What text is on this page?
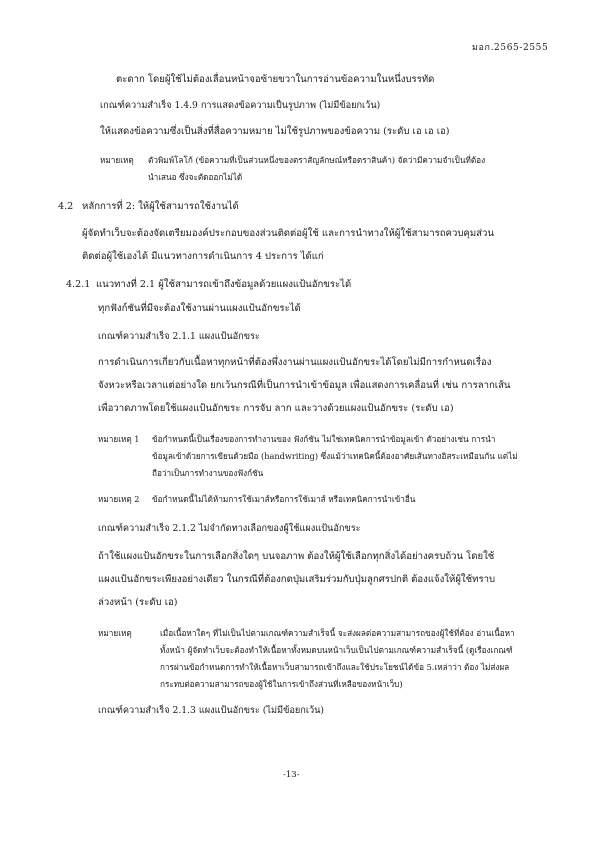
มอก.2565-2555
ตะดาก โดยผู้ใช้ไม่ต้องเลื่อนหน้าจอซ้ายขวาในการอ่านข้อความในหนึ่งบรรทัด
เกณฑ์ความสำเร็จ 1.4.9 การแสดงข้อความเป็นรูปภาพ (ไม่มีข้อยกเว้น)
ให้แสดงข้อความซึ่งเป็นสิ่งที่สื่อความหมาย ไม่ใช้รูปภาพของข้อความ (ระดับ เอ เอ เอ)
หมายเหตุ ตัวพิมพ์โลโก้ (ข้อความที่เป็นส่วนหนึ่งของตราสัญลักษณ์หรือตราสินค้า) จัดว่ามีความจำเป็นที่ต้อง
นำเสนอ ซึ่งจะตัดออกไม่ได้
4.2 หลักการที่ 2: ให้ผู้ใช้สามารถใช้งานได้
ผู้จัดทำเว็บจะต้องจัดเตรียมองค์ประกอบของส่วนติดต่อผู้ใช้ และการนำทางให้ผู้ใช้สามารถควบคุมส่วน
ติดต่อผู้ใช้เองได้ มีแนวทางการดำเนินการ 4 ประการ ได้แก่
4.2.1 แนวทางที่ 2.1 ผู้ใช้สามารถเข้าถึงข้อมูลด้วยแผงแป้นอักขระได้
ทุกฟังก์ชันที่มีจะต้องใช้งานผ่านแผงแป้นอักขระได้
เกณฑ์ความสำเร็จ 2.1.1 แผงแป้นอักขระ
การดำเนินการเกี่ยวกับเนื้อหาทุกหน้าที่ต้องพึ่งงานผ่านแผงแป้นอักขระได้โดยไม่มีการกำหนดเรื่อง
จังหวะหรือเวลาแต่อย่างใด ยกเว้นกรณีที่เป็นการนำเข้าข้อมูล เพื่อแสดงการเคลื่อนที่ เช่น การลากเส้น
เพื่อวาดภาพโดยใช้แผงแป้นอักขระ การจับ ลาก และวางด้วยแผงแป้นอักขระ (ระดับ เอ)
หมายเหตุ 1 ข้อกำหนดนี้เป็นเรื่องของการทำงานของ ฟังก์ชัน ไม่ใช่เทคนิคการนำข้อมูลเข้า ตัวอย่างเช่น การนำ
ข้อมูลเข้าด้วยการเขียนด้วยมือ (handwriting) ซึ่งแม้ว่าเทคนิคนี้ต้องอาศัยเส้นทางอิสระเหมือนกัน แต่ไม่
ถือว่าเป็นการทำงานของฟังก์ชัน
หมายเหตุ 2 ข้อกำหนดนี้ไม่ได้ห้ามการใช้เมาส์หรือการใช้เมาส์ หรือเทคนิคการนำเข้าอื่น
เกณฑ์ความสำเร็จ 2.1.2 ไม่จำกัดทางเลือกของผู้ใช้แผงแป้นอักขระ
ถ้าใช้แผงแป้นอักขระในการเลือกสิ่งใดๆ บนจอภาพ ต้องให้ผู้ใช้เลือกทุกสิ่งได้อย่างครบถ้วน โดยใช้
แผงแป้นอักขระเพียงอย่างเดียว ในกรณีที่ต้องกดปุ่มเสริมร่วมกับปุ่มลูกศรปกติ ต้องแจ้งให้ผู้ใช้ทราบ
ล่วงหน้า (ระดับ เอ)
หมายเหตุ	เมื่อเนื้อหาใดๆ ที่ไม่เป็นไปตามเกณฑ์ความสำเร็จนี้ จะส่งผลต่อความสามารถของผู้ใช้ที่ต้อง อ่านเนื้อหา
ทั้งหน้า ผู้จัดทำเว็บจะต้องทำให้เนื้อหาทั้งหมดบนหน้าเว็บเป็นไปตามเกณฑ์ความสำเร็จนี้ (ดูเรื่องเกณฑ์
การผ่านข้อกำหนดการทำให้เนื้อหาเว็บสามารถเข้าถึงและใช้ประโยชน์ได้ข้อ 5.เหล่าว่า ต้อง ไม่ส่งผล
กระทบต่อความสามารถของผู้ใช้ในการเข้าถึงส่วนที่เหลือของหน้าเว็บ)
เกณฑ์ความสำเร็จ 2.1.3 แผงแป้นอักขระ (ไม่มีข้อยกเว้น)
-13-
